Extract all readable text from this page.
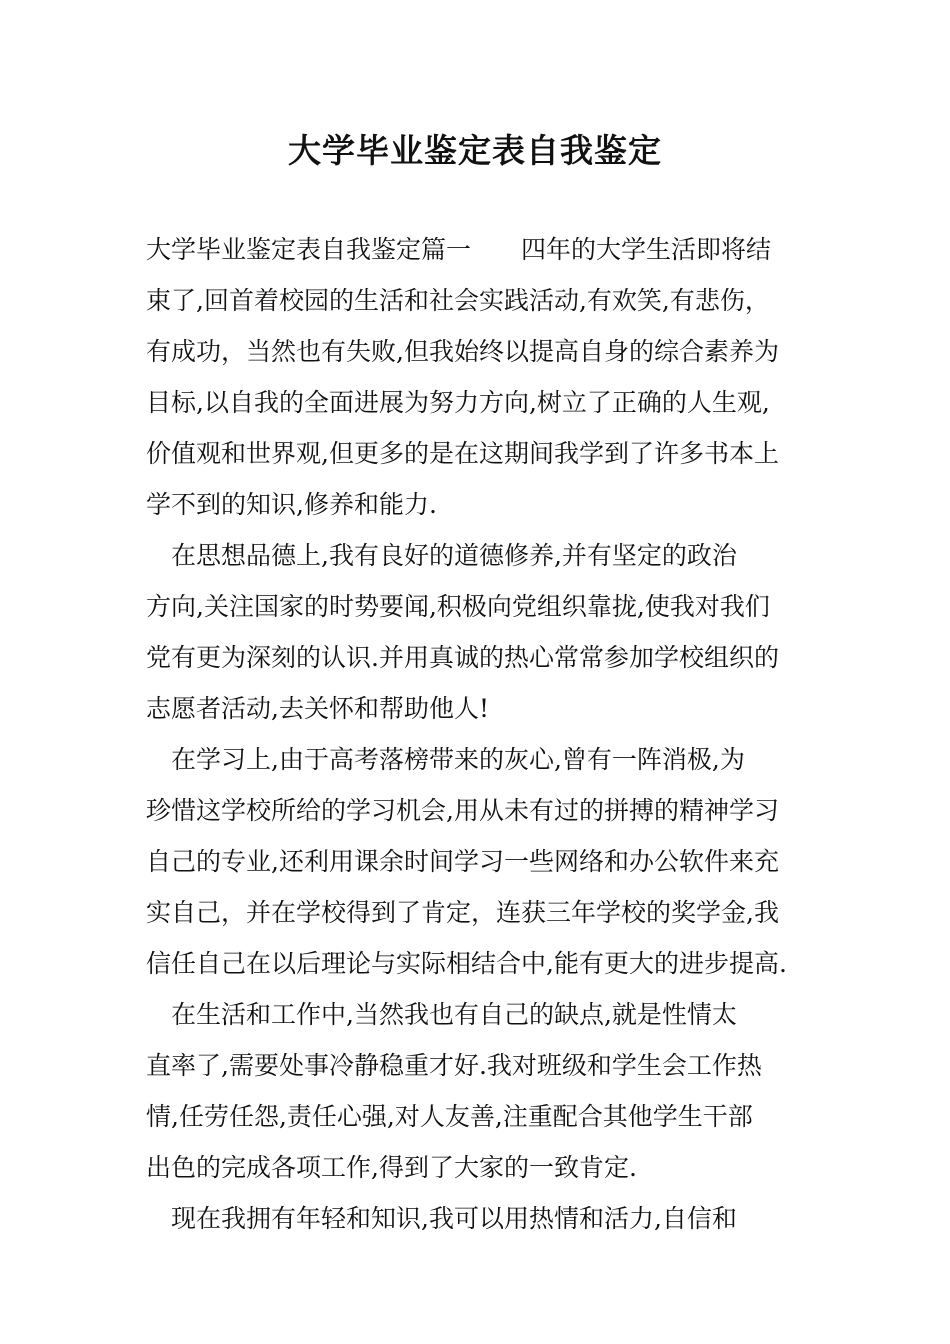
大学毕业鉴定表自我鉴定
大学毕业鉴定表自我鉴定篇一　　四年的大学生活即将结
束了,回首着校园的生活和社会实践活动,有欢笑,有悲伤，
有成功，当然也有失败,但我始终以提高自身的综合素养为
目标,以自我的全面进展为努力方向,树立了正确的人生观,
价值观和世界观,但更多的是在这期间我学到了许多书本上
学不到的知识,修养和能力.
　在思想品德上,我有良好的道德修养,并有坚定的政治
方向,关注国家的时势要闻,积极向党组织靠拢,使我对我们
党有更为深刻的认识.并用真诚的热心常常参加学校组织的
志愿者活动,去关怀和帮助他人!
　在学习上,由于高考落榜带来的灰心,曾有一阵消极,为
珍惜这学校所给的学习机会,用从未有过的拼搏的精神学习
自己的专业,还利用课余时间学习一些网络和办公软件来充
实自己，并在学校得到了肯定，连获三年学校的奖学金,我
信任自己在以后理论与实际相结合中,能有更大的进步提高.
　在生活和工作中,当然我也有自己的缺点,就是性情太
直率了,需要处事冷静稳重才好.我对班级和学生会工作热
情,任劳任怨,责任心强,对人友善,注重配合其他学生干部
出色的完成各项工作,得到了大家的一致肯定.
　现在我拥有年轻和知识,我可以用热情和活力,自信和
